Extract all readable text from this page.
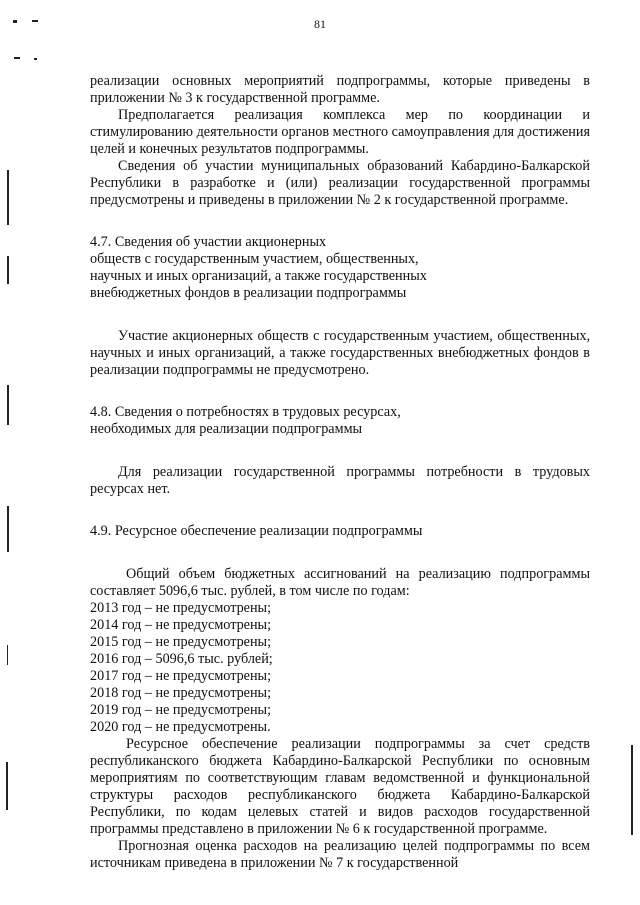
81

реализации основных мероприятий подпрограммы, которые приведены в приложении № 3 к государственной программе.

Предполагается реализация комплекса мер по координации и стимулированию деятельности органов местного самоуправления для достижения целей и конечных результатов подпрограммы.

Сведения об участии муниципальных образований Кабардино-Балкарской Республики в разработке и (или) реализации государственной программы предусмотрены и приведены в приложении № 2 к государственной программе.

4.7. Сведения об участии акционерных

обществ с государственным участием, общественных,

научных и иных организаций, а также государственных

внебюджетных фондов в реализации подпрограммы

Участие акционерных обществ с государственным участием, общественных, научных и иных организаций, а также государственных внебюджетных фондов в реализации подпрограммы не предусмотрено.

4.8. Сведения о потребностях в трудовых ресурсах,

необходимых для реализации подпрограммы

Для реализации государственной программы потребности в трудовых ресурсах нет.

4.9. Ресурсное обеспечение реализации подпрограммы

Общий объем бюджетных ассигнований на реализацию подпрограммы составляет 5096,6 тыс. рублей, в том числе по годам:

2013 год – не предусмотрены;

2014 год – не предусмотрены;

2015 год – не предусмотрены;

2016 год – 5096,6 тыс. рублей;

2017 год – не предусмотрены;

2018 год – не предусмотрены;

2019 год – не предусмотрены;

2020 год – не предусмотрены.

Ресурсное обеспечение реализации подпрограммы за счет средств республиканского бюджета Кабардино-Балкарской Республики по основным мероприятиям по соответствующим главам ведомственной и функциональной структуры расходов республиканского бюджета Кабардино-Балкарской Республики, по кодам целевых статей и видов расходов государственной программы представлено в приложении № 6 к государственной программе.

Прогнозная оценка расходов на реализацию целей подпрограммы по всем источникам приведена в приложении № 7 к государственной
